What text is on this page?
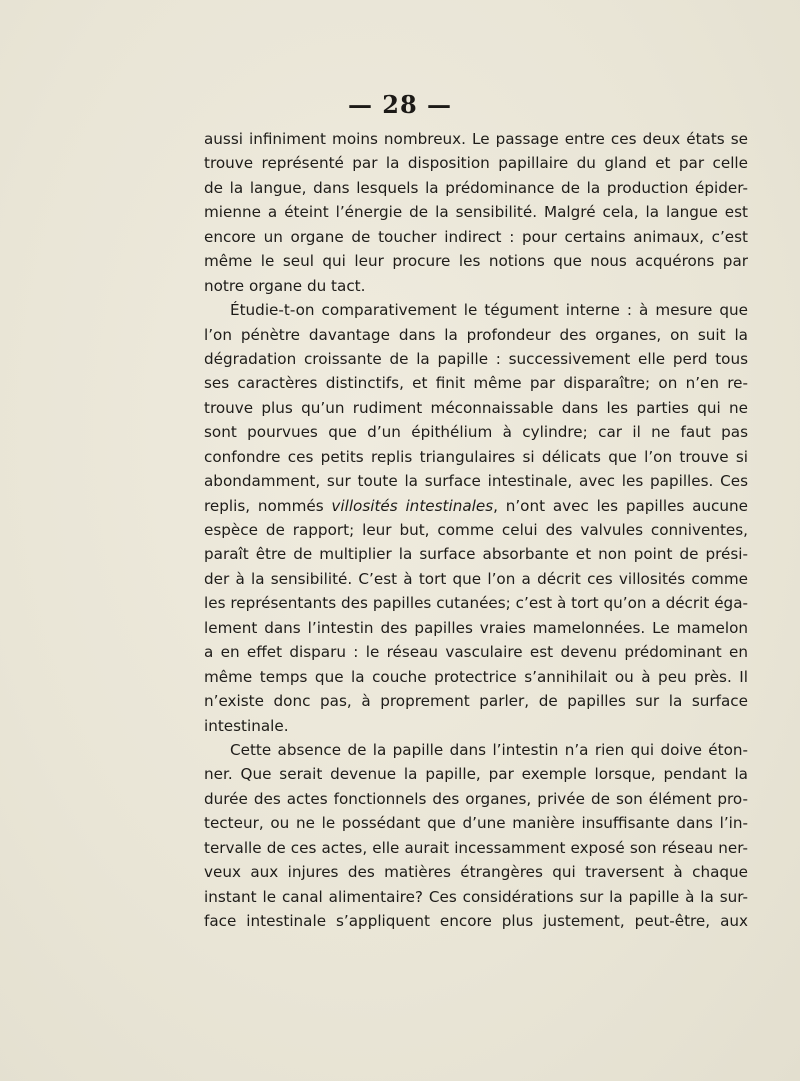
— 28 —
aussi infiniment moins nombreux. Le passage entre ces deux états se
trouve représenté par la disposition papillaire du gland et par celle
de la langue, dans lesquels la prédominance de la production épider-
mienne a éteint l’énergie de la sensibilité. Malgré cela, la langue est
encore un organe de toucher indirect : pour certains animaux, c’est
même le seul qui leur procure les notions que nous acquérons par
notre organe du tact.
Étudie-t-on comparativement le tégument interne : à mesure que
l’on pénètre davantage dans la profondeur des organes, on suit la
dégradation croissante de la papille : successivement elle perd tous
ses caractères distinctifs, et finit même par disparaître; on n’en re-
trouve plus qu’un rudiment méconnaissable dans les parties qui ne
sont pourvues que d’un épithélium à cylindre; car il ne faut pas
confondre ces petits replis triangulaires si délicats que l’on trouve si
abondamment, sur toute la surface intestinale, avec les papilles. Ces
replis, nommés villosités intestinales, n’ont avec les papilles aucune
espèce de rapport; leur but, comme celui des valvules conniventes,
paraît être de multiplier la surface absorbante et non point de prési-
der à la sensibilité. C’est à tort que l’on a décrit ces villosités comme
les représentants des papilles cutanées; c’est à tort qu’on a décrit éga-
lement dans l’intestin des papilles vraies mamelonnées. Le mamelon
a en effet disparu : le réseau vasculaire est devenu prédominant en
même temps que la couche protectrice s’annihilait ou à peu près. Il
n’existe donc pas, à proprement parler, de papilles sur la surface
intestinale.
Cette absence de la papille dans l’intestin n’a rien qui doive éton-
ner. Que serait devenue la papille, par exemple lorsque, pendant la
durée des actes fonctionnels des organes, privée de son élément pro-
tecteur, ou ne le possédant que d’une manière insuffisante dans l’in-
tervalle de ces actes, elle aurait incessamment exposé son réseau ner-
veux aux injures des matières étrangères qui traversent à chaque
instant le canal alimentaire? Ces considérations sur la papille à la sur-
face intestinale s’appliquent encore plus justement, peut-être, aux
